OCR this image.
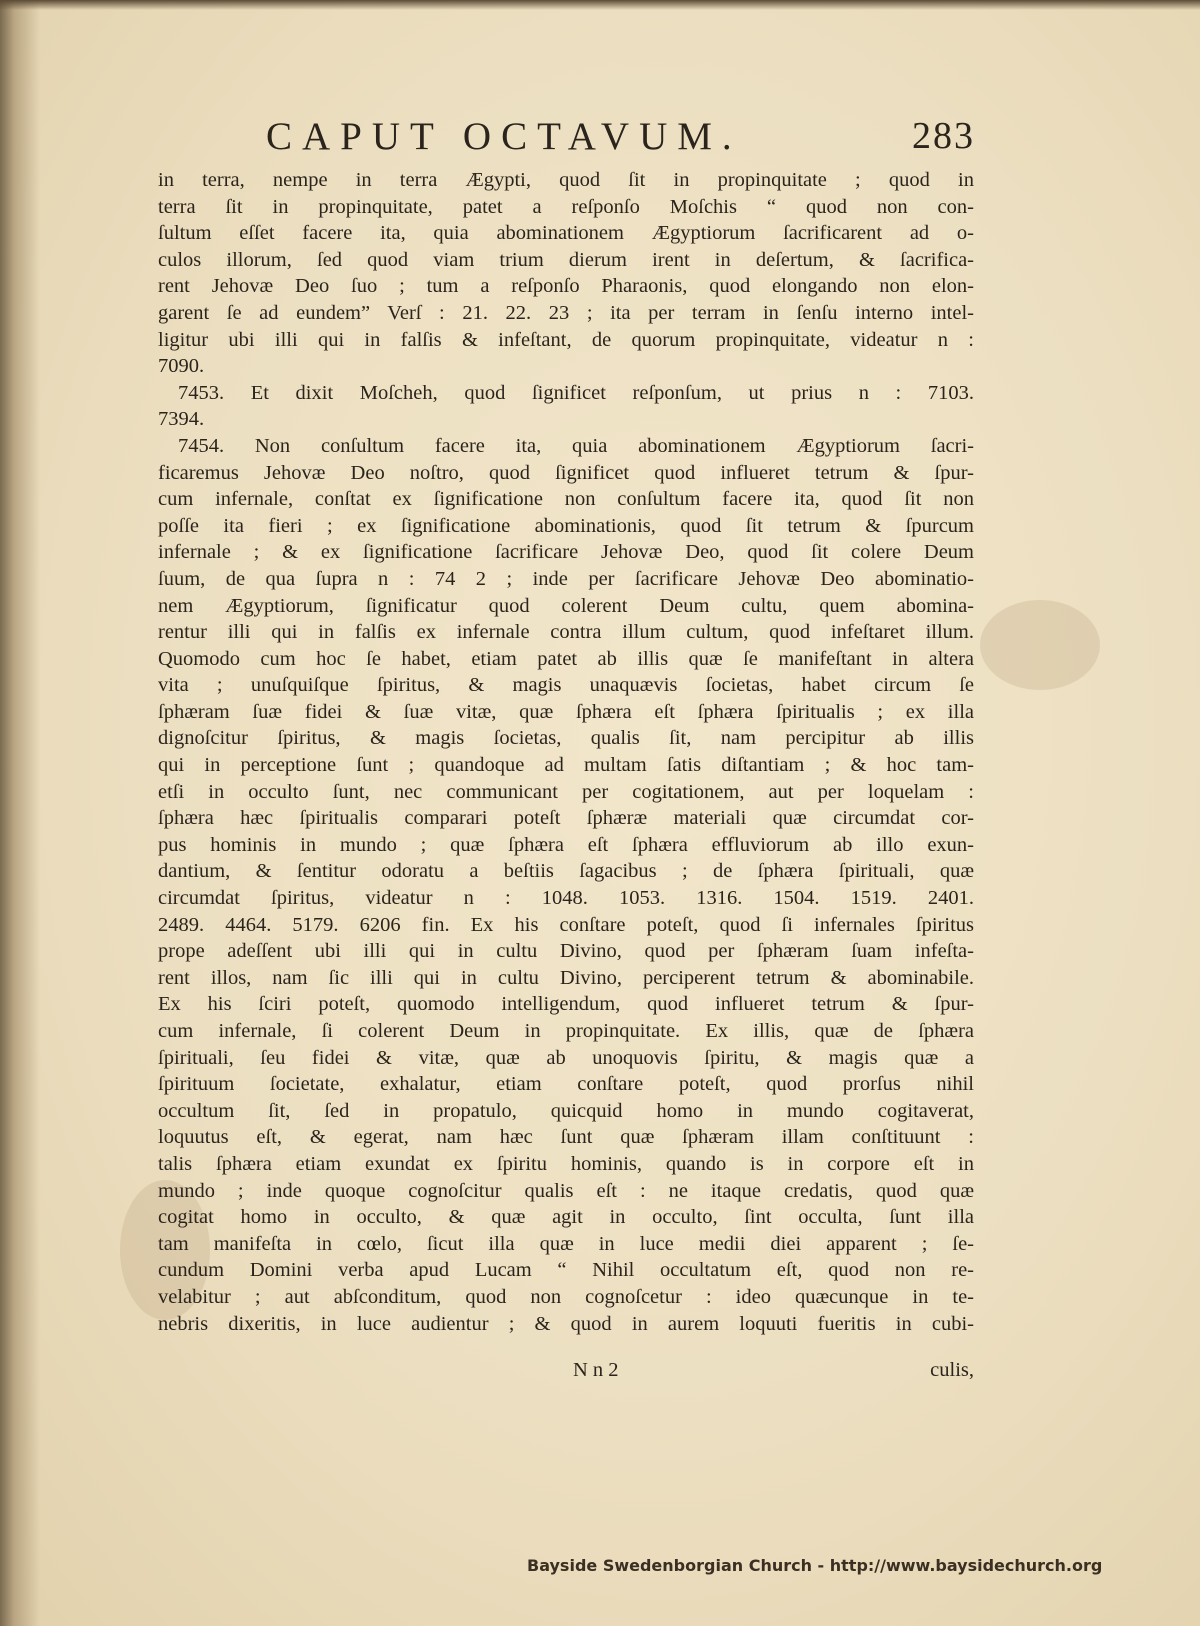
CAPUT OCTAVUM.	283
in terra, nempe in terra Ægypti, quod ſit in propinquitate ; quod in
terra ſit in propinquitate, patet a reſponſo Moſchis “ quod non con-
ſultum eſſet facere ita, quia abominationem Ægyptiorum ſacrificarent ad o-
culos illorum, ſed quod viam trium dierum irent in deſertum, & ſacrifica-
rent Jehovæ Deo ſuo ; tum a reſponſo Pharaonis, quod elongando non elon-
garent ſe ad eundem” Verſ : 21. 22. 23 ; ita per terram in ſenſu interno intel-
ligitur ubi illi qui in falſis & infeſtant, de quorum propinquitate, videatur n :
7090.
7453. Et dixit Moſcheh, quod ſignificet reſponſum, ut prius n : 7103.
7394.
7454. Non conſultum facere ita, quia abominationem Ægyptiorum ſacri-
ficaremus Jehovæ Deo noſtro, quod ſignificet quod influeret tetrum & ſpur-
cum infernale, conſtat ex ſignificatione non conſultum facere ita, quod ſit non
poſſe ita fieri ; ex ſignificatione abominationis, quod ſit tetrum & ſpurcum
infernale ; & ex ſignificatione ſacrificare Jehovæ Deo, quod ſit colere Deum
ſuum, de qua ſupra n : 74 2 ; inde per ſacrificare Jehovæ Deo abominatio-
nem Ægyptiorum, ſignificatur quod colerent Deum cultu, quem abomina-
rentur illi qui in falſis ex infernale contra illum cultum, quod infeſtaret illum.
Quomodo cum hoc ſe habet, etiam patet ab illis quæ ſe manifeſtant in altera
vita ; unuſquiſque ſpiritus, & magis unaquævis ſocietas, habet circum ſe
ſphæram ſuæ fidei & ſuæ vitæ, quæ ſphæra eſt ſphæra ſpiritualis ; ex illa
dignoſcitur ſpiritus, & magis ſocietas, qualis ſit, nam percipitur ab illis
qui in perceptione ſunt ; quandoque ad multam ſatis diſtantiam ; & hoc tam-
etſi in occulto ſunt, nec communicant per cogitationem, aut per loquelam :
ſphæra hæc ſpiritualis comparari poteſt ſphæræ materiali quæ circumdat cor-
pus hominis in mundo ; quæ ſphæra eſt ſphæra effluviorum ab illo exun-
dantium, & ſentitur odoratu a beſtiis ſagacibus ; de ſphæra ſpirituali, quæ
circumdat ſpiritus, videatur n : 1048. 1053. 1316. 1504. 1519. 2401.
2489. 4464. 5179. 6206 fin. Ex his conſtare poteſt, quod ſi infernales ſpiritus
prope adeſſent ubi illi qui in cultu Divino, quod per ſphæram ſuam infeſta-
rent illos, nam ſic illi qui in cultu Divino, perciperent tetrum & abominabile.
Ex his ſciri poteſt, quomodo intelligendum, quod influeret tetrum & ſpur-
cum infernale, ſi colerent Deum in propinquitate. Ex illis, quæ de ſphæra
ſpirituali, ſeu fidei & vitæ, quæ ab unoquovis ſpiritu, & magis quæ a
ſpirituum ſocietate, exhalatur, etiam conſtare poteſt, quod prorſus nihil
occultum ſit, ſed in propatulo, quicquid homo in mundo cogitaverat,
loquutus eſt, & egerat, nam hæc ſunt quæ ſphæram illam conſtituunt :
talis ſphæra etiam exundat ex ſpiritu hominis, quando is in corpore eſt in
mundo ; inde quoque cognoſcitur qualis eſt : ne itaque credatis, quod quæ
cogitat homo in occulto, & quæ agit in occulto, ſint occulta, ſunt illa
tam manifeſta in cœlo, ſicut illa quæ in luce medii diei apparent ; ſe-
cundum Domini verba apud Lucam “ Nihil occultatum eſt, quod non re-
velabitur ; aut abſconditum, quod non cognoſcetur : ideo quæcunque in te-
nebris dixeritis, in luce audientur ; & quod in aurem loquuti fueritis in cubi-
N n 2	culis,
Bayside Swedenborgian Church - http://www.baysidechurch.org
